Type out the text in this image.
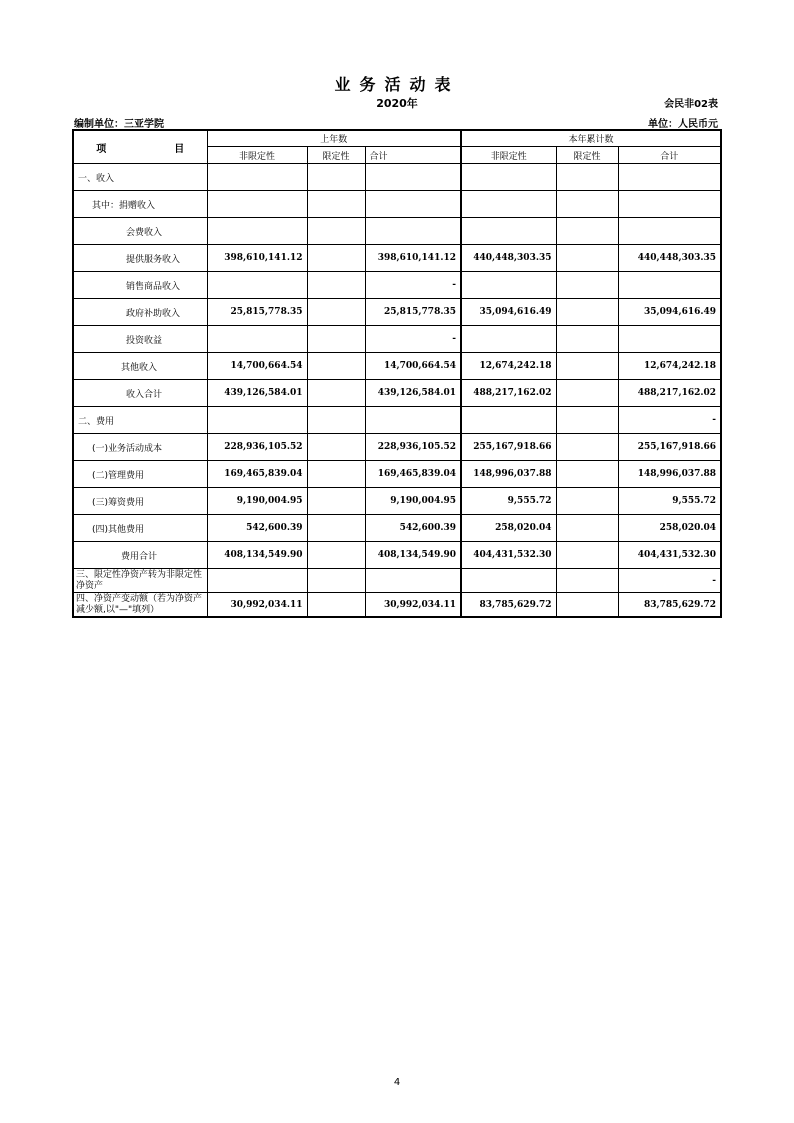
业务活动表
2020年	会民非02表
编制单位：三亚学院	单位：人民币元
项 目	上年数			本年累计数		
	非限定性	限定性	合计	非限定性	限定性	合计
一、收入						
其中：捐赠收入						
会费收入						
提供服务收入	398,610,141.12		398,610,141.12	440,448,303.35		440,448,303.35
销售商品收入			-			
政府补助收入	25,815,778.35		25,815,778.35	35,094,616.49		35,094,616.49
投资收益			-			
其他收入	14,700,664.54		14,700,664.54	12,674,242.18		12,674,242.18
收入合计	439,126,584.01		439,126,584.01	488,217,162.02		488,217,162.02
二、费用						-
(一)业务活动成本	228,936,105.52		228,936,105.52	255,167,918.66		255,167,918.66
(二)管理费用	169,465,839.04		169,465,839.04	148,996,037.88		148,996,037.88
(三)筹资费用	9,190,004.95		9,190,004.95	9,555.72		9,555.72
(四)其他费用	542,600.39		542,600.39	258,020.04		258,020.04
费用合计	408,134,549.90		408,134,549.90	404,431,532.30		404,431,532.30
三、限定性净资产转为非限定性净资产						-
四、净资产变动额（若为净资产减少额,以"—"填列）	30,992,034.11		30,992,034.11	83,785,629.72		83,785,629.72
4
